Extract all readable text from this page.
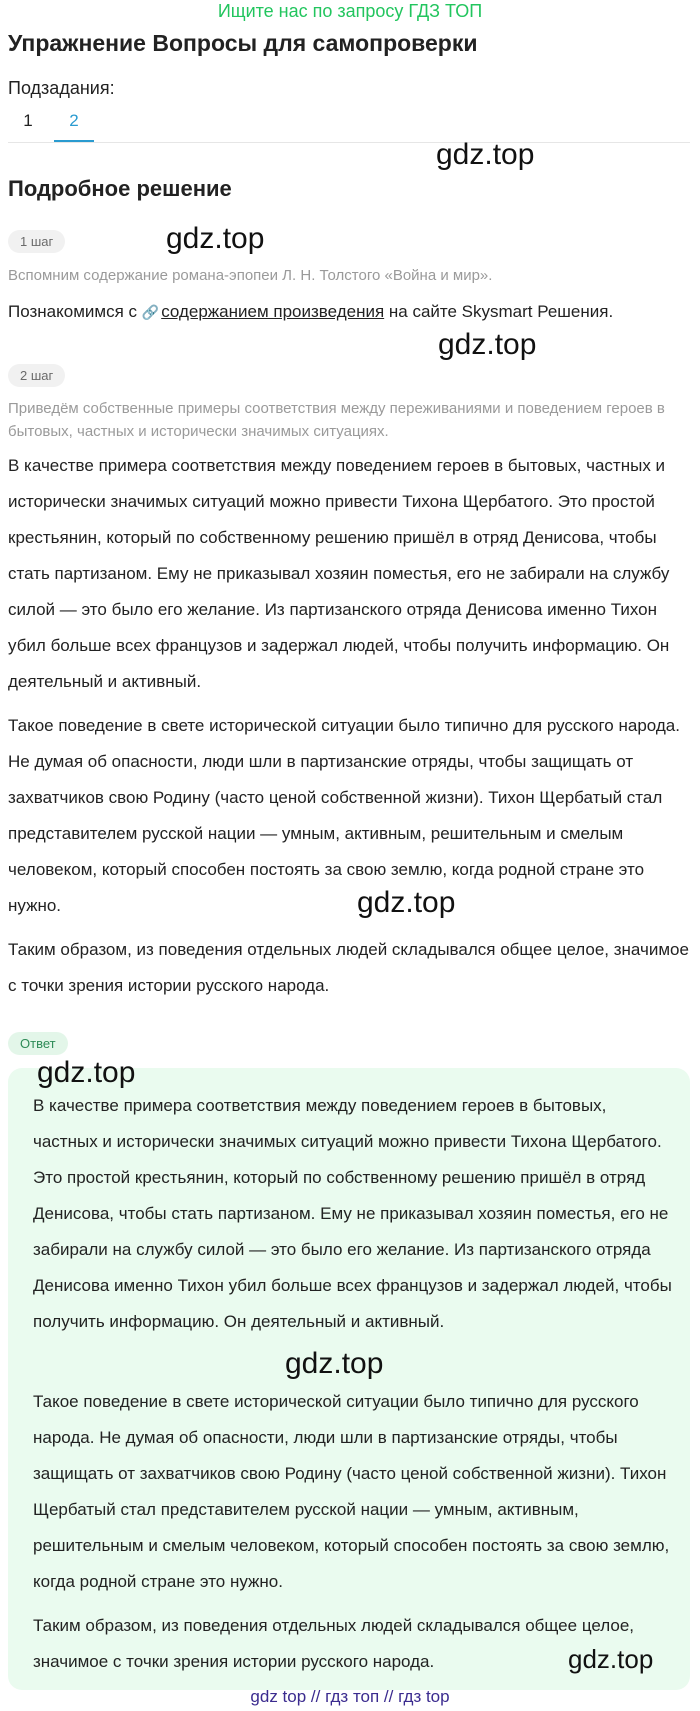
Ищите нас по запросу ГДЗ ТОП
Упражнение Вопросы для самопроверки
Подзадания:
1	2
gdz.top
Подробное решение
1 шаг	gdz.top
Вспомним содержание романа-эпопеи Л. Н. Толстого «Война и мир».
Познакомимся с 🔗 содержанием произведения на сайте Skysmart Решения.
gdz.top
2 шаг
Приведём собственные примеры соответствия между переживаниями и поведением героев в бытовых, частных и исторически значимых ситуациях.
В качестве примера соответствия между поведением героев в бытовых, частных и исторически значимых ситуаций можно привести Тихона Щербатого. Это простой крестьянин, который по собственному решению пришёл в отряд Денисова, чтобы стать партизаном. Ему не приказывал хозяин поместья, его не забирали на службу силой — это было его желание. Из партизанского отряда Денисова именно Тихон убил больше всех французов и задержал людей, чтобы получить информацию. Он деятельный и активный.
Такое поведение в свете исторической ситуации было типично для русского народа. Не думая об опасности, люди шли в партизанские отряды, чтобы защищать от захватчиков свою Родину (часто ценой собственной жизни). Тихон Щербатый стал представителем русской нации — умным, активным, решительным и смелым человеком, который способен постоять за свою землю, когда родной стране это нужно.	gdz.top
Таким образом, из поведения отдельных людей складывался общее целое, значимое с точки зрения истории русского народа.
Ответ
gdz.top
В качестве примера соответствия между поведением героев в бытовых, частных и исторически значимых ситуаций можно привести Тихона Щербатого. Это простой крестьянин, который по собственному решению пришёл в отряд Денисова, чтобы стать партизаном. Ему не приказывал хозяин поместья, его не забирали на службу силой — это было его желание. Из партизанского отряда Денисова именно Тихон убил больше всех французов и задержал людей, чтобы получить информацию. Он деятельный и активный.
gdz.top
Такое поведение в свете исторической ситуации было типично для русского народа. Не думая об опасности, люди шли в партизанские отряды, чтобы защищать от захватчиков свою Родину (часто ценой собственной жизни). Тихон Щербатый стал представителем русской нации — умным, активным, решительным и смелым человеком, который способен постоять за свою землю, когда родной стране это нужно.
Таким образом, из поведения отдельных людей складывался общее целое, значимое с точки зрения истории русского народа.	gdz.top
gdz top // гдз топ // гдз top
